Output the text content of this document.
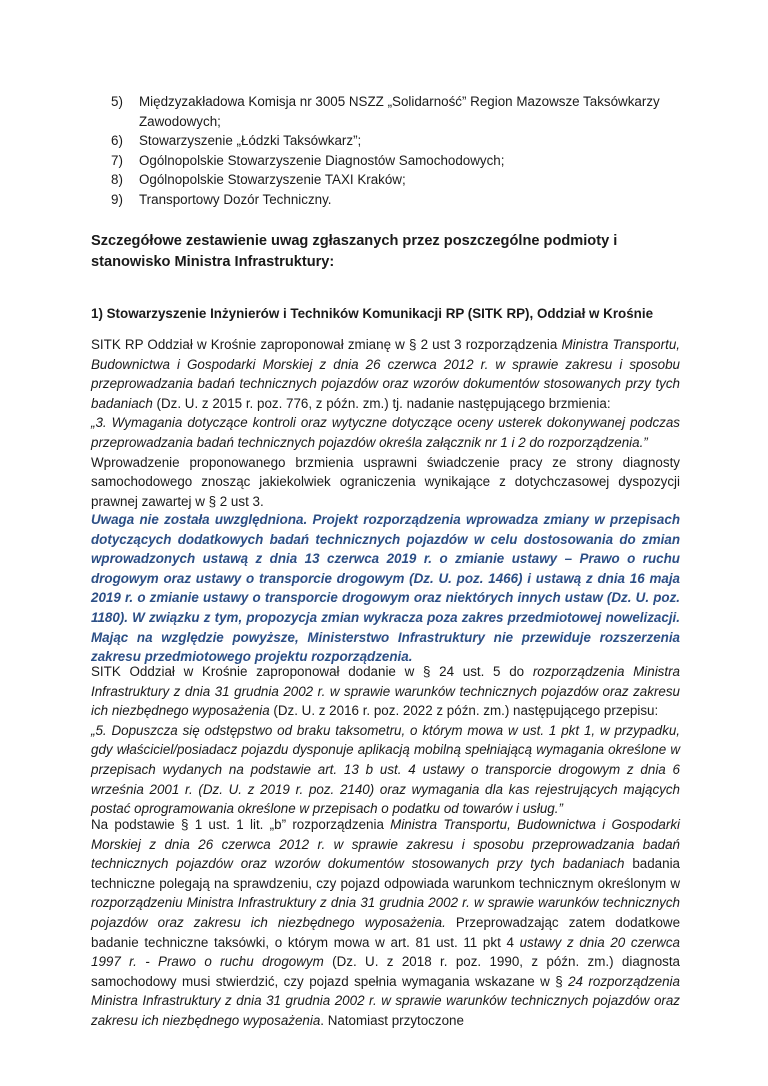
5) Międzyzakładowa Komisja nr 3005 NSZZ „Solidarność” Region Mazowsze Taksówkarzy Zawodowych;
6) Stowarzyszenie „Łódzki Taksówkarz”;
7) Ogólnopolskie Stowarzyszenie Diagnostów Samochodowych;
8) Ogólnopolskie Stowarzyszenie TAXI Kraków;
9) Transportowy Dozór Techniczny.
Szczegółowe zestawienie uwag zgłaszanych przez poszczególne podmioty i stanowisko Ministra Infrastruktury:
1) Stowarzyszenie Inżynierów i Techników Komunikacji RP (SITK RP), Oddział w Krośnie

SITK RP Oddział w Krośnie zaproponował zmianę w § 2 ust 3 rozporządzenia Ministra Transportu, Budownictwa i Gospodarki Morskiej z dnia 26 czerwca 2012 r. w sprawie zakresu i sposobu przeprowadzania badań technicznych pojazdów oraz wzorów dokumentów stosowanych przy tych badaniach (Dz. U. z 2015 r. poz. 776, z późn. zm.) tj. nadanie następującego brzmienia:
„3. Wymagania dotyczące kontroli oraz wytyczne dotyczące oceny usterek dokonywanej podczas przeprowadzania badań technicznych pojazdów określa załącznik nr 1 i 2 do rozporządzenia.”
Wprowadzenie proponowanego brzmienia usprawni świadczenie pracy ze strony diagnosty samochodowego znosząc jakiekolwiek ograniczenia wynikające z dotychczasowej dyspozycji prawnej zawartej w § 2 ust 3.

Uwaga nie została uwzględniona. Projekt rozporządzenia wprowadza zmiany w przepisach dotyczących dodatkowych badań technicznych pojazdów w celu dostosowania do zmian wprowadzonych ustawą z dnia 13 czerwca 2019 r. o zmianie ustawy – Prawo o ruchu drogowym oraz ustawy o transporcie drogowym (Dz. U. poz. 1466) i ustawą z dnia 16 maja 2019 r. o zmianie ustawy o transporcie drogowym oraz niektórych innych ustaw (Dz. U. poz. 1180). W związku z tym, propozycja zmian wykracza poza zakres przedmiotowej nowelizacji. Mając na względzie powyższe, Ministerstwo Infrastruktury nie przewiduje rozszerzenia zakresu przedmiotowego projektu rozporządzenia.

SITK Oddział w Krośnie zaproponował dodanie w § 24 ust. 5 do rozporządzenia Ministra Infrastruktury z dnia 31 grudnia 2002 r. w sprawie warunków technicznych pojazdów oraz zakresu ich niezbędnego wyposażenia (Dz. U. z 2016 r. poz. 2022 z późn. zm.) następującego przepisu:
„5. Dopuszcza się odstępstwo od braku taksometru, o którym mowa w ust. 1 pkt 1, w przypadku, gdy właściciel/posiadacz pojazdu dysponuje aplikacją mobilną spełniającą wymagania określone w przepisach wydanych na podstawie art. 13 b ust. 4 ustawy o transporcie drogowym z dnia 6 września 2001 r. (Dz. U. z 2019 r. poz. 2140) oraz wymagania dla kas rejestrujących mających postać oprogramowania określone w przepisach o podatku od towarów i usług.”

Na podstawie § 1 ust. 1 lit. „b” rozporządzenia Ministra Transportu, Budownictwa i Gospodarki Morskiej z dnia 26 czerwca 2012 r. w sprawie zakresu i sposobu przeprowadzania badań technicznych pojazdów oraz wzorów dokumentów stosowanych przy tych badaniach badania techniczne polegają na sprawdzeniu, czy pojazd odpowiada warunkom technicznym określonym w rozporządzeniu Ministra Infrastruktury z dnia 31 grudnia 2002 r. w sprawie warunków technicznych pojazdów oraz zakresu ich niezbędnego wyposażenia. Przeprowadzając zatem dodatkowe badanie techniczne taksówki, o którym mowa w art. 81 ust. 11 pkt 4 ustawy z dnia 20 czerwca 1997 r. - Prawo o ruchu drogowym (Dz. U. z 2018 r. poz. 1990, z późn. zm.) diagnosta samochodowy musi stwierdzić, czy pojazd spełnia wymagania wskazane w § 24 rozporządzenia Ministra Infrastruktury z dnia 31 grudnia 2002 r. w sprawie warunków technicznych pojazdów oraz zakresu ich niezbędnego wyposażenia. Natomiast przytoczone
